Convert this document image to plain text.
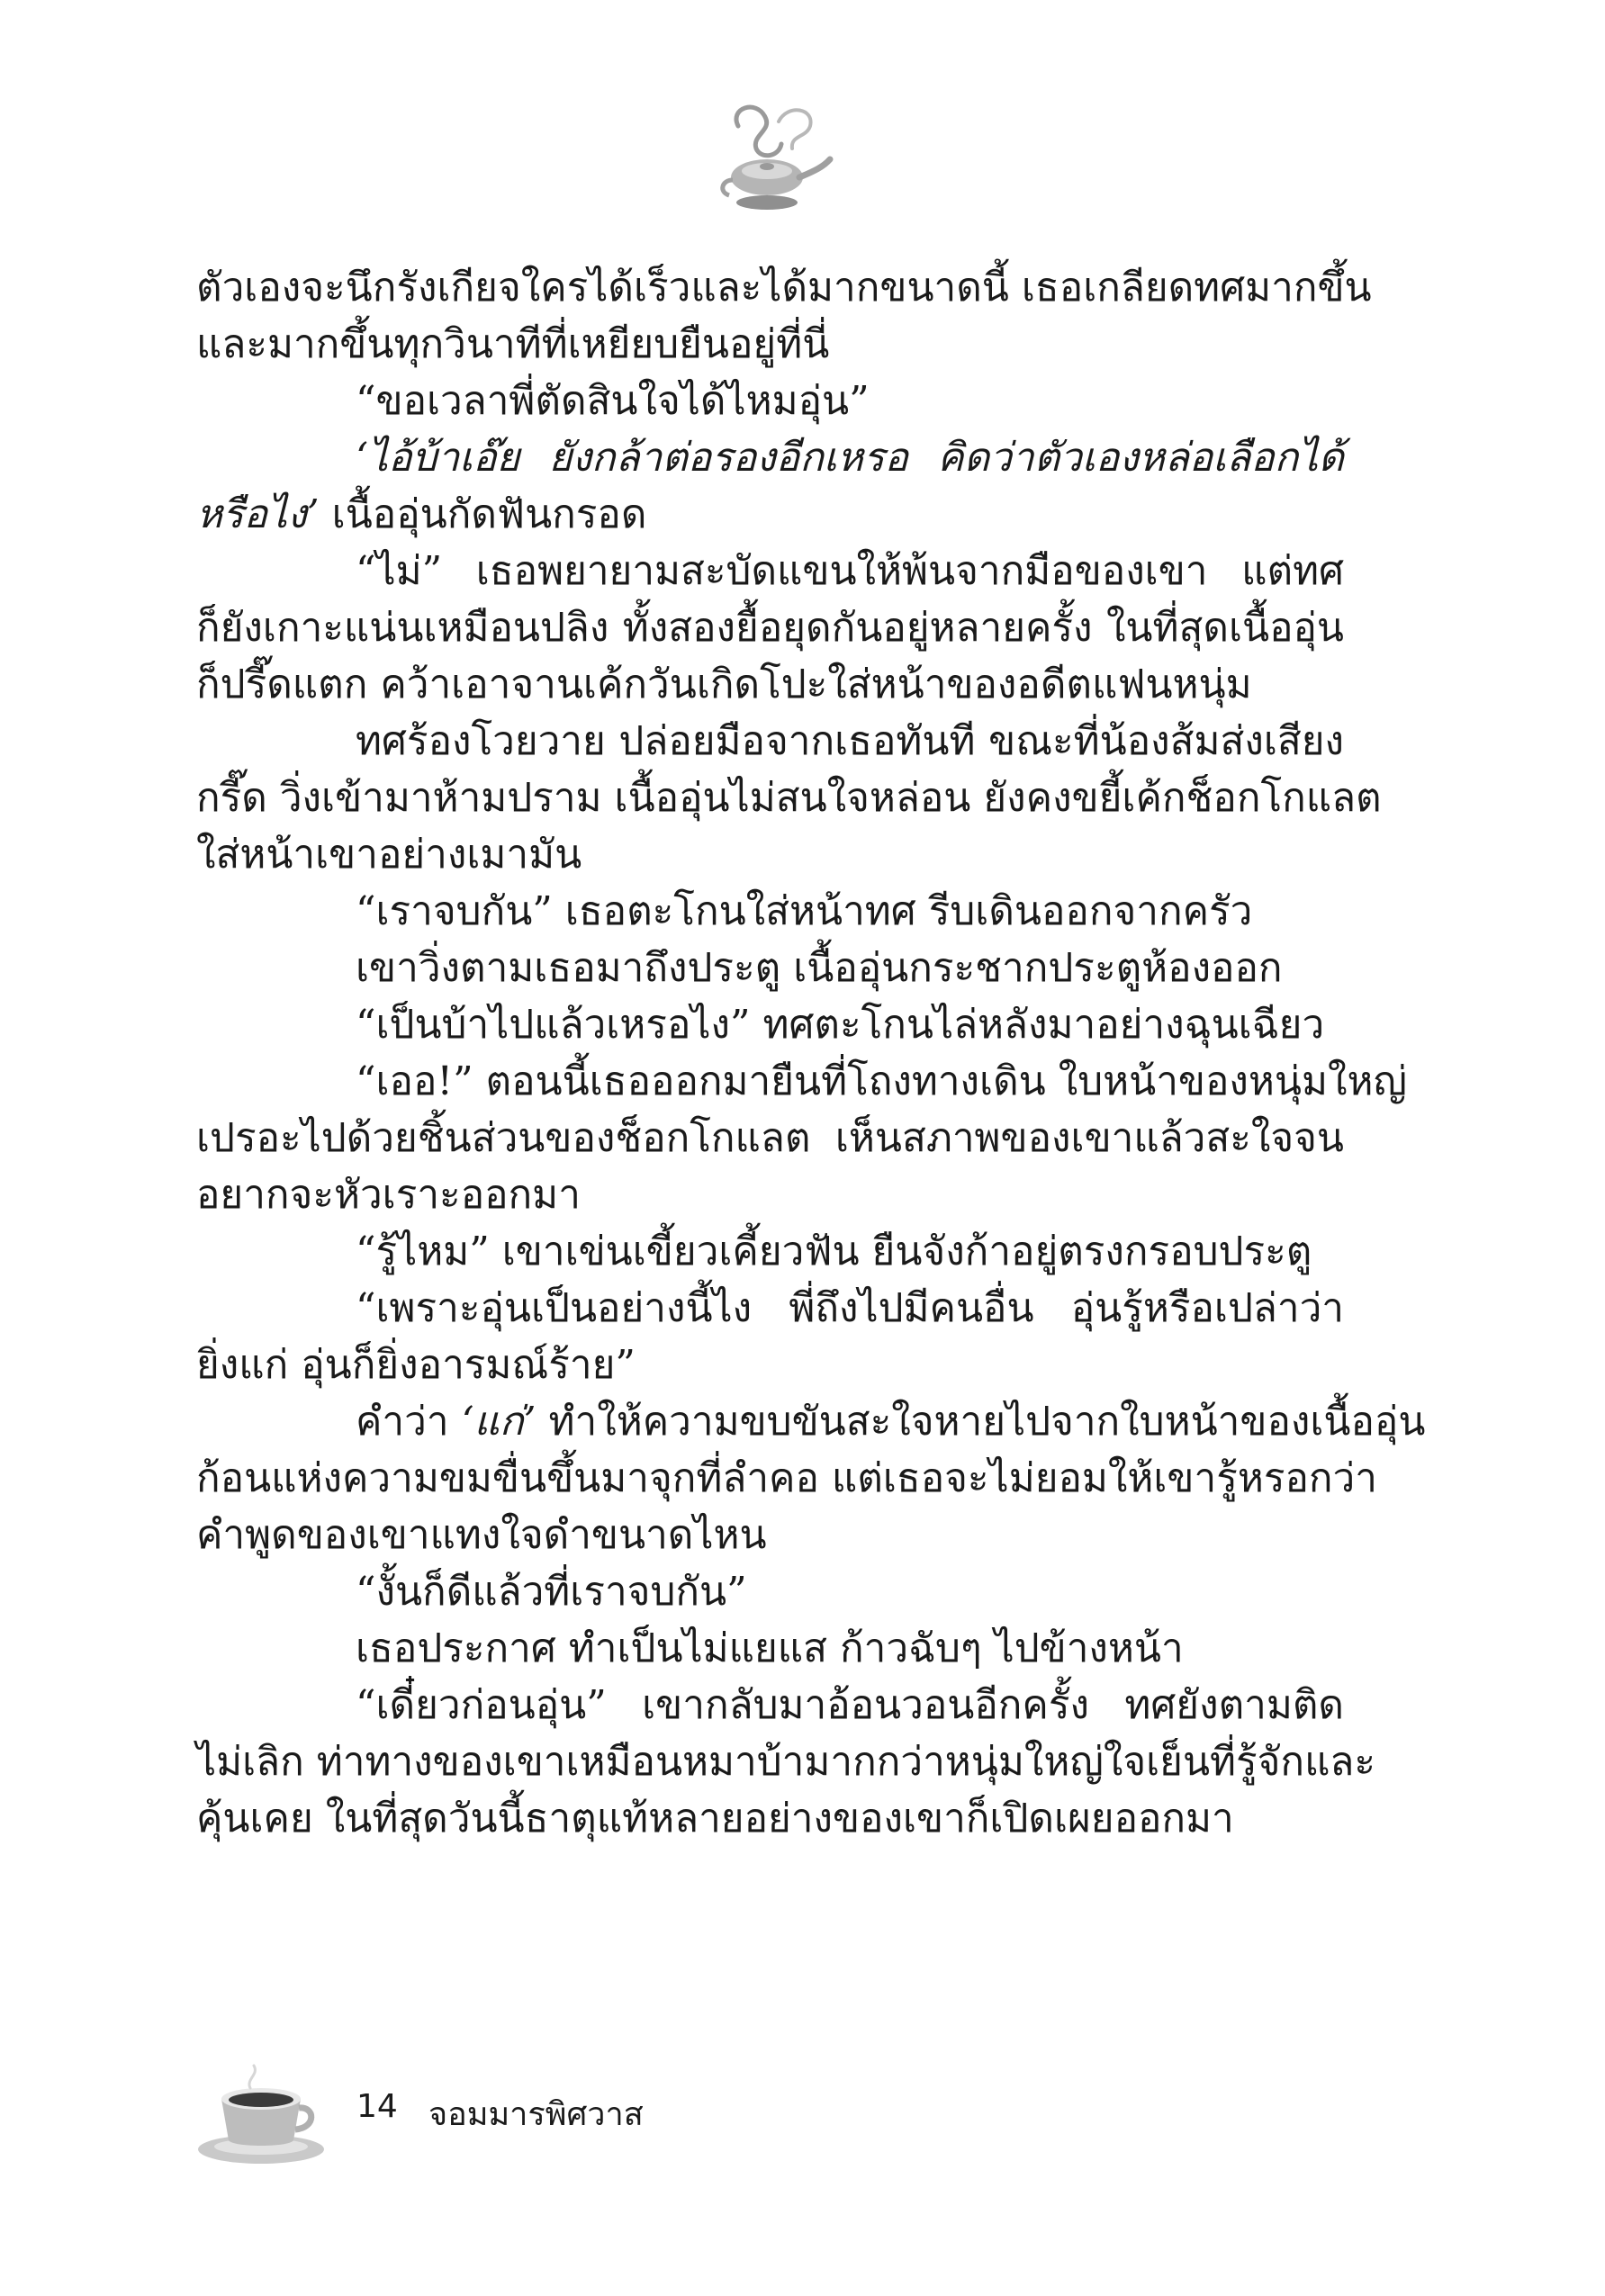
ตัวเองจะนึกรังเกียจใครได้เร็วและได้มากขนาดนี้ เธอเกลียดทศมากขึ้น
และมากขึ้นทุกวินาทีที่เหยียบยืนอยู่ที่นี่
“ขอเวลาพี่ตัดสินใจได้ไหมอุ่น”
‘ไอ้บ้าเอ๊ย ยังกล้าต่อรองอีกเหรอ คิดว่าตัวเองหล่อเลือกได้
หรือไง’ เนื้ออุ่นกัดฟันกรอด
“ไม่” เธอพยายามสะบัดแขนให้พ้นจากมือของเขา แต่ทศ
ก็ยังเกาะแน่นเหมือนปลิง ทั้งสองยื้อยุดกันอยู่หลายครั้ง ในที่สุดเนื้ออุ่น
ก็ปรี๊ดแตก คว้าเอาจานเค้กวันเกิดโปะใส่หน้าของอดีตแฟนหนุ่ม
ทศร้องโวยวาย ปล่อยมือจากเธอทันที ขณะที่น้องส้มส่งเสียง
กรี๊ด วิ่งเข้ามาห้ามปราม เนื้ออุ่นไม่สนใจหล่อน ยังคงขยี้เค้กช็อกโกแลต
ใส่หน้าเขาอย่างเมามัน
“เราจบกัน” เธอตะโกนใส่หน้าทศ รีบเดินออกจากครัว
เขาวิ่งตามเธอมาถึงประตู เนื้ออุ่นกระชากประตูห้องออก
“เป็นบ้าไปแล้วเหรอไง” ทศตะโกนไล่หลังมาอย่างฉุนเฉียว
“เออ!” ตอนนี้เธอออกมายืนที่โถงทางเดิน ใบหน้าของหนุ่มใหญ่
เปรอะไปด้วยชิ้นส่วนของช็อกโกแลต เห็นสภาพของเขาแล้วสะใจจน
อยากจะหัวเราะออกมา
“รู้ไหม” เขาเข่นเขี้ยวเคี้ยวฟัน ยืนจังก้าอยู่ตรงกรอบประตู
“เพราะอุ่นเป็นอย่างนี้ไง พี่ถึงไปมีคนอื่น อุ่นรู้หรือเปล่าว่า
ยิ่งแก่ อุ่นก็ยิ่งอารมณ์ร้าย”
คำว่า ‘แก่’ ทำให้ความขบขันสะใจหายไปจากใบหน้าของเนื้ออุ่น
ก้อนแห่งความขมขื่นขึ้นมาจุกที่ลำคอ แต่เธอจะไม่ยอมให้เขารู้หรอกว่า
คำพูดของเขาแทงใจดำขนาดไหน
“งั้นก็ดีแล้วที่เราจบกัน”
เธอประกาศ ทำเป็นไม่แยแส ก้าวฉับๆ ไปข้างหน้า
“เดี๋ยวก่อนอุ่น” เขากลับมาอ้อนวอนอีกครั้ง ทศยังตามติด
ไม่เลิก ท่าทางของเขาเหมือนหมาบ้ามากกว่าหนุ่มใหญ่ใจเย็นที่รู้จักและ
คุ้นเคย ในที่สุดวันนี้ธาตุแท้หลายอย่างของเขาก็เปิดเผยออกมา
14 จอมมารพิศวาส
